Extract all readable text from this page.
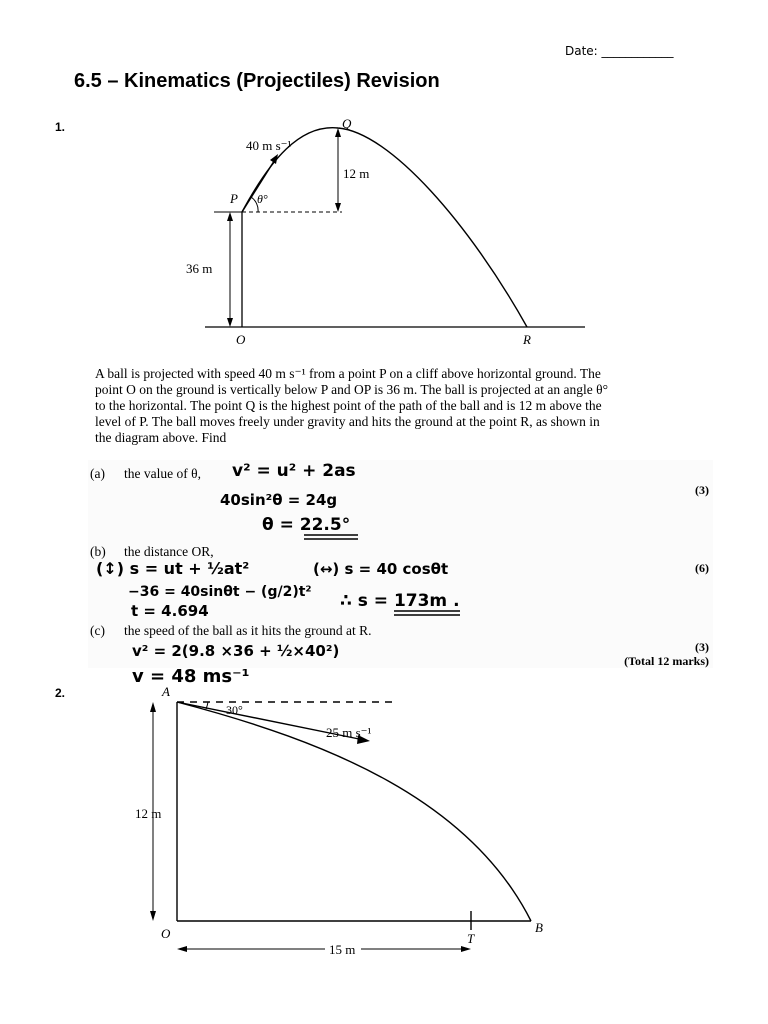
Date: ____________
6.5 – Kinematics (Projectiles) Revision
1.
40 m s⁻¹
Q
12 m
P θ°
36 m
O	R
A ball is projected with speed 40 m s⁻¹ from a point P on a cliff above horizontal ground. The
point O on the ground is vertically below P and OP is 36 m. The ball is projected at an angle θ°
to the horizontal. The point Q is the highest point of the path of the ball and is 12 m above the
level of P. The ball moves freely under gravity and hits the ground at the point R, as shown in
the diagram above. Find
(a) the value of θ,
(3)
(b) the distance OR,
(6)
(c) the speed of the ball as it hits the ground at R.
(3)
(Total 12 marks)
v² = u² + 2as
40sin²θ = 24g
θ = 22.5°
(↕) s = ut + ½at²
−36 = 40sinθt − (g/2)t²
t = 4.694
(↔) s = 40 cosθt
∴ s = 173m .
v² = 2(9.8 ×36 + ½×40²)
v = 48 ms⁻¹
2.	A
30°
25 m s⁻¹
12 m
O	T
B
15 m
